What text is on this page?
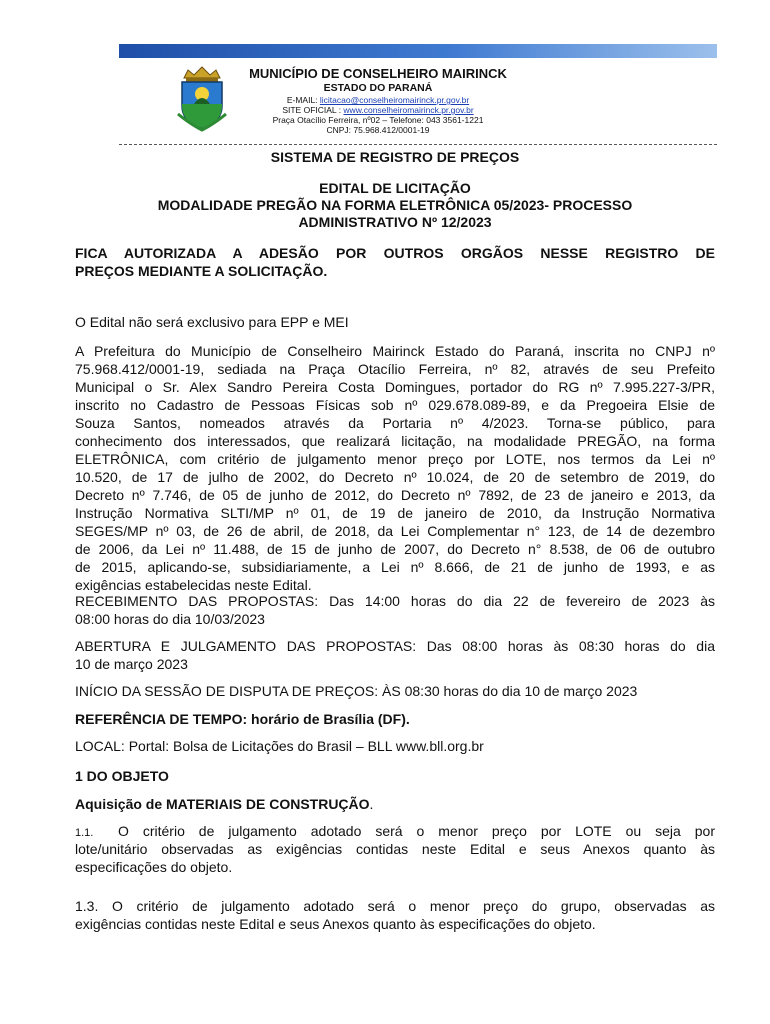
MUNICÍPIO DE CONSELHEIRO MAIRINCK
ESTADO DO PARANÁ
E-MAIL: licitacao@conselheiromairinck.pr.gov.br
SITE OFICIAL : www.conselheiromairinck.pr.gov.br
Praça Otacílio Ferreira, nº02 – Telefone: 043 3561-1221
CNPJ: 75.968.412/0001-19
SISTEMA DE REGISTRO DE PREÇOS
EDITAL DE LICITAÇÃO
MODALIDADE PREGÃO NA FORMA ELETRÔNICA 05/2023- PROCESSO
ADMINISTRATIVO Nº 12/2023
FICA AUTORIZADA A ADESÃO POR OUTROS ORGÃOS NESSE REGISTRO DE
PREÇOS MEDIANTE A SOLICITAÇÃO.
O Edital não será exclusivo para EPP e MEI
A Prefeitura do Município de Conselheiro Mairinck Estado do Paraná, inscrita no CNPJ nº
75.968.412/0001-19, sediada na Praça Otacílio Ferreira, nº 82, através de seu Prefeito
Municipal o Sr. Alex Sandro Pereira Costa Domingues, portador do RG nº 7.995.227-3/PR,
inscrito no Cadastro de Pessoas Físicas sob nº 029.678.089-89, e da Pregoeira Elsie de
Souza Santos, nomeados através da Portaria nº 4/2023. Torna-se público, para
conhecimento dos interessados, que realizará licitação, na modalidade PREGÃO, na forma
ELETRÔNICA, com critério de julgamento menor preço por LOTE, nos termos da Lei nº
10.520, de 17 de julho de 2002, do Decreto nº 10.024, de 20 de setembro de 2019, do
Decreto nº 7.746, de 05 de junho de 2012, do Decreto nº 7892, de 23 de janeiro e 2013, da
Instrução Normativa SLTI/MP nº 01, de 19 de janeiro de 2010, da Instrução Normativa
SEGES/MP nº 03, de 26 de abril, de 2018, da Lei Complementar n° 123, de 14 de dezembro
de 2006, da Lei nº 11.488, de 15 de junho de 2007, do Decreto n° 8.538, de 06 de outubro
de 2015, aplicando-se, subsidiariamente, a Lei nº 8.666, de 21 de junho de 1993, e as
exigências estabelecidas neste Edital.
RECEBIMENTO DAS PROPOSTAS: Das 14:00 horas do dia 22 de fevereiro de 2023 às
08:00 horas do dia 10/03/2023
ABERTURA E JULGAMENTO DAS PROPOSTAS: Das 08:00 horas às 08:30 horas do dia
10 de março 2023
INÍCIO DA SESSÃO DE DISPUTA DE PREÇOS: ÀS 08:30 horas do dia 10 de março 2023
REFERÊNCIA DE TEMPO: horário de Brasília (DF).
LOCAL: Portal: Bolsa de Licitações do Brasil – BLL www.bll.org.br
1 DO OBJETO
Aquisição de MATERIAIS DE CONSTRUÇÃO.
1.1.	O critério de julgamento adotado será o menor preço por LOTE ou seja por
lote/unitário observadas as exigências contidas neste Edital e seus Anexos quanto às
especificações do objeto.
1.3. O critério de julgamento adotado será o menor preço do grupo, observadas as
exigências contidas neste Edital e seus Anexos quanto às especificações do objeto.
